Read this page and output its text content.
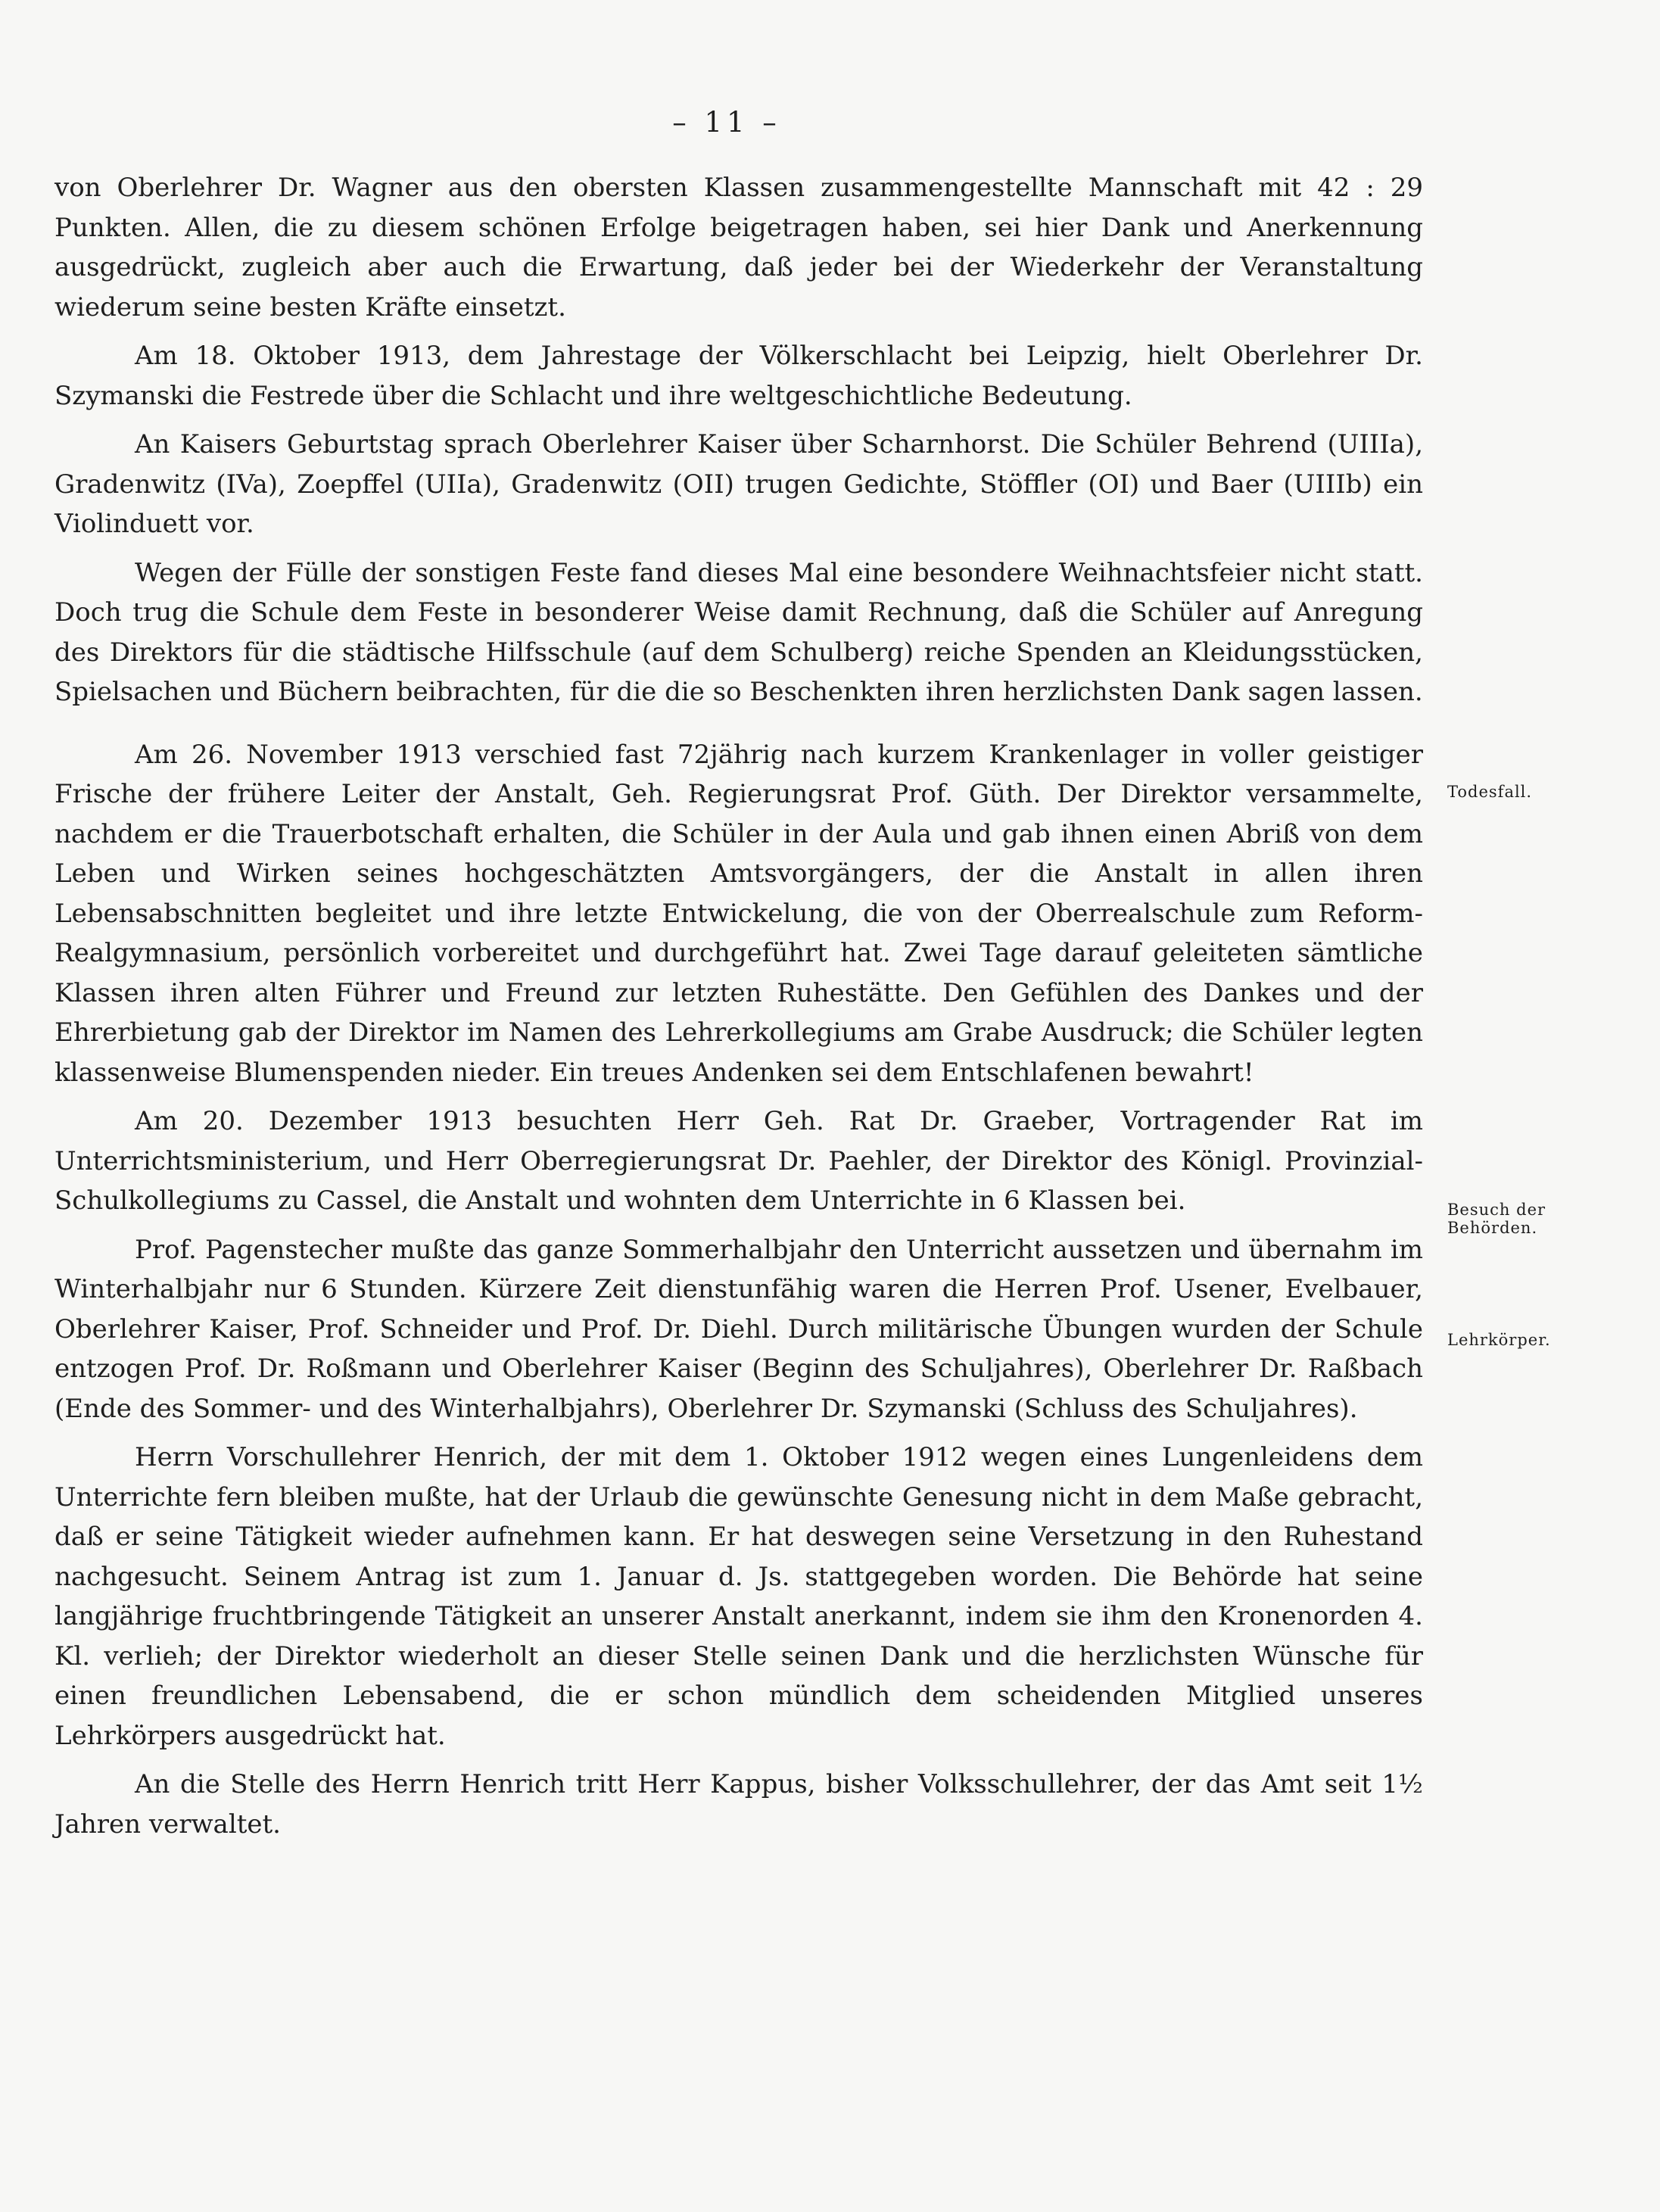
– 11 –

von Oberlehrer Dr. Wagner aus den obersten Klassen zusammengestellte Mannschaft mit 42 : 29 Punkten. Allen, die zu diesem schönen Erfolge beigetragen haben, sei hier Dank und Anerkennung ausgedrückt, zugleich aber auch die Erwartung, daß jeder bei der Wiederkehr der Veranstaltung wiederum seine besten Kräfte einsetzt.

Am 18. Oktober 1913, dem Jahrestage der Völkerschlacht bei Leipzig, hielt Oberlehrer Dr. Szymanski die Festrede über die Schlacht und ihre weltgeschichtliche Bedeutung.

An Kaisers Geburtstag sprach Oberlehrer Kaiser über Scharnhorst. Die Schüler Behrend (UIIIa), Gradenwitz (IVa), Zoepffel (UIIa), Gradenwitz (OII) trugen Gedichte, Stöffler (OI) und Baer (UIIIb) ein Violinduett vor.

Wegen der Fülle der sonstigen Feste fand dieses Mal eine besondere Weihnachtsfeier nicht statt. Doch trug die Schule dem Feste in besonderer Weise damit Rechnung, daß die Schüler auf Anregung des Direktors für die städtische Hilfsschule (auf dem Schulberg) reiche Spenden an Kleidungsstücken, Spielsachen und Büchern beibrachten, für die die so Beschenkten ihren herzlichsten Dank sagen lassen.

Am 26. November 1913 verschied fast 72jährig nach kurzem Krankenlager in voller geistiger Frische der frühere Leiter der Anstalt, Geh. Regierungsrat Prof. Güth. Der Direktor versammelte, nachdem er die Trauerbotschaft erhalten, die Schüler in der Aula und gab ihnen einen Abriß von dem Leben und Wirken seines hochgeschätzten Amtsvorgängers, der die Anstalt in allen ihren Lebensabschnitten begleitet und ihre letzte Entwickelung, die von der Oberrealschule zum Reform-Realgymnasium, persönlich vorbereitet und durchgeführt hat. Zwei Tage darauf geleiteten sämtliche Klassen ihren alten Führer und Freund zur letzten Ruhestätte. Den Gefühlen des Dankes und der Ehrerbietung gab der Direktor im Namen des Lehrerkollegiums am Grabe Ausdruck; die Schüler legten klassenweise Blumenspenden nieder. Ein treues Andenken sei dem Entschlafenen bewahrt!

Am 20. Dezember 1913 besuchten Herr Geh. Rat Dr. Graeber, Vortragender Rat im Unterrichtsministerium, und Herr Oberregierungsrat Dr. Paehler, der Direktor des Königl. Provinzial-Schulkollegiums zu Cassel, die Anstalt und wohnten dem Unterrichte in 6 Klassen bei.

Prof. Pagenstecher mußte das ganze Sommerhalbjahr den Unterricht aussetzen und übernahm im Winterhalbjahr nur 6 Stunden. Kürzere Zeit dienstunfähig waren die Herren Prof. Usener, Evelbauer, Oberlehrer Kaiser, Prof. Schneider und Prof. Dr. Diehl. Durch militärische Übungen wurden der Schule entzogen Prof. Dr. Roßmann und Oberlehrer Kaiser (Beginn des Schuljahres), Oberlehrer Dr. Raßbach (Ende des Sommer- und des Winterhalbjahrs), Oberlehrer Dr. Szymanski (Schluss des Schuljahres).

Herrn Vorschullehrer Henrich, der mit dem 1. Oktober 1912 wegen eines Lungenleidens dem Unterrichte fern bleiben mußte, hat der Urlaub die gewünschte Genesung nicht in dem Maße gebracht, daß er seine Tätigkeit wieder aufnehmen kann. Er hat deswegen seine Versetzung in den Ruhestand nachgesucht. Seinem Antrag ist zum 1. Januar d. Js. stattgegeben worden. Die Behörde hat seine langjährige fruchtbringende Tätigkeit an unserer Anstalt anerkannt, indem sie ihm den Kronenorden 4. Kl. verlieh; der Direktor wiederholt an dieser Stelle seinen Dank und die herzlichsten Wünsche für einen freundlichen Lebensabend, die er schon mündlich dem scheidenden Mitglied unseres Lehrkörpers ausgedrückt hat.

An die Stelle des Herrn Henrich tritt Herr Kappus, bisher Volksschullehrer, der das Amt seit 1½ Jahren verwaltet.

Todesfall.
Besuch der Behörden.
Lehrkörper.
